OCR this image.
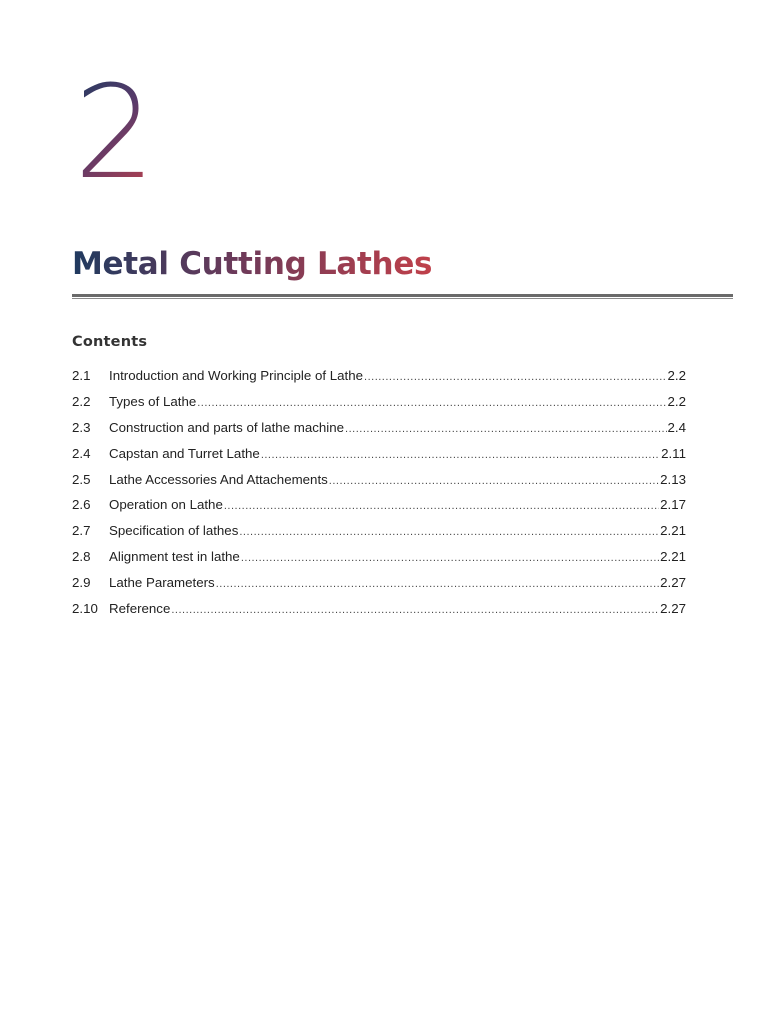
2
Metal Cutting Lathes
Contents
2.1	Introduction and Working Principle of Lathe .....	2.2
2.2	Types of Lathe .....	2.2
2.3	Construction and parts of lathe machine .....	2.4
2.4	Capstan and Turret Lathe .....	2.11
2.5	Lathe Accessories And Attachements .....	2.13
2.6	Operation on Lathe .....	2.17
2.7	Specification of lathes .....	2.21
2.8	Alignment test in lathe .....	2.21
2.9	Lathe Parameters .....	2.27
2.10 Reference .....	2.27
